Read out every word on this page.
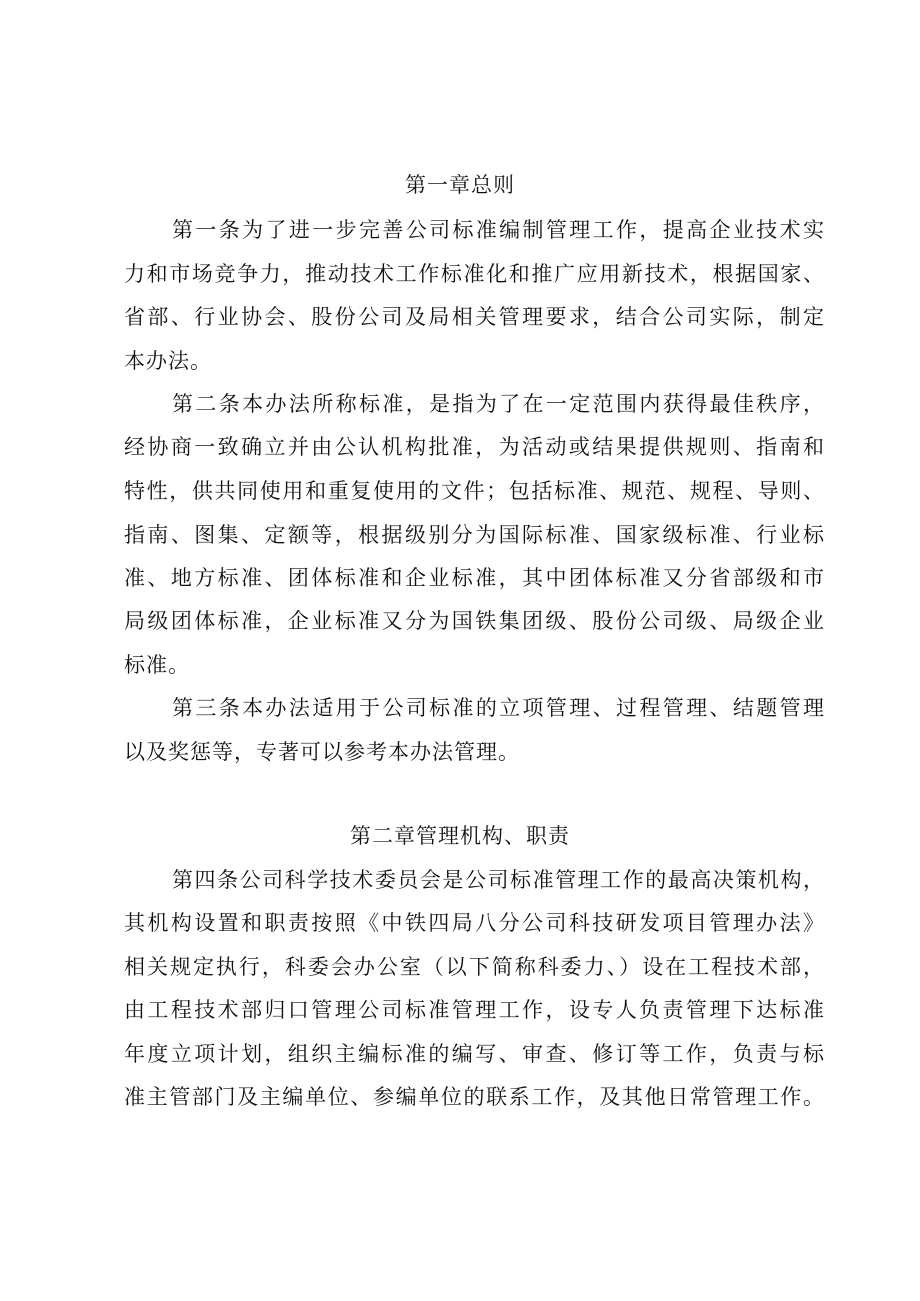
第一章总则
第一条为了进一步完善公司标准编制管理工作，提高企业技术实
力和市场竞争力，推动技术工作标准化和推广应用新技术，根据国家、
省部、行业协会、股份公司及局相关管理要求，结合公司实际，制定
本办法。
第二条本办法所称标准，是指为了在一定范围内获得最佳秩序，
经协商一致确立并由公认机构批准，为活动或结果提供规则、指南和
特性，供共同使用和重复使用的文件；包括标准、规范、规程、导则、
指南、图集、定额等，根据级别分为国际标准、国家级标准、行业标
准、地方标准、团体标准和企业标准，其中团体标准又分省部级和市
局级团体标准，企业标准又分为国铁集团级、股份公司级、局级企业
标准。
第三条本办法适用于公司标准的立项管理、过程管理、结题管理
以及奖惩等，专著可以参考本办法管理。
第二章管理机构、职责
第四条公司科学技术委员会是公司标准管理工作的最高决策机构，
其机构设置和职责按照《中铁四局八分公司科技研发项目管理办法》
相关规定执行，科委会办公室（以下简称科委力、）设在工程技术部，
由工程技术部归口管理公司标准管理工作，设专人负责管理下达标准
年度立项计划，组织主编标准的编写、审查、修订等工作，负责与标
准主管部门及主编单位、参编单位的联系工作，及其他日常管理工作。
